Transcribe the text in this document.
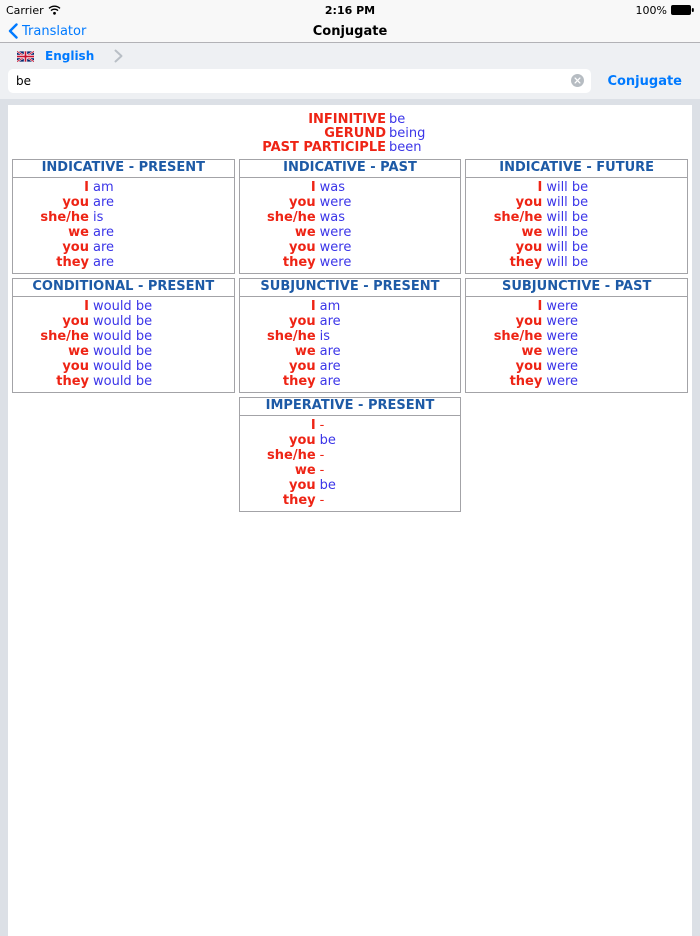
2:16 PM
Carrier	100%
Translator	Conjugate
English
be
Conjugate
INFINITIVE be
GERUND being
PAST PARTICIPLE been
INDICATIVE - PRESENT
I am
you are
she/he is
we are
you are
they are
INDICATIVE - PAST
I was
you were
she/he was
we were
you were
they were
INDICATIVE - FUTURE
I will be
you will be
she/he will be
we will be
you will be
they will be
CONDITIONAL - PRESENT
I would be
you would be
she/he would be
we would be
you would be
they would be
SUBJUNCTIVE - PRESENT
I am
you are
she/he is
we are
you are
they are
SUBJUNCTIVE - PAST
I were
you were
she/he were
we were
you were
they were
IMPERATIVE - PRESENT
I -
you be
she/he -
we -
you be
they -
